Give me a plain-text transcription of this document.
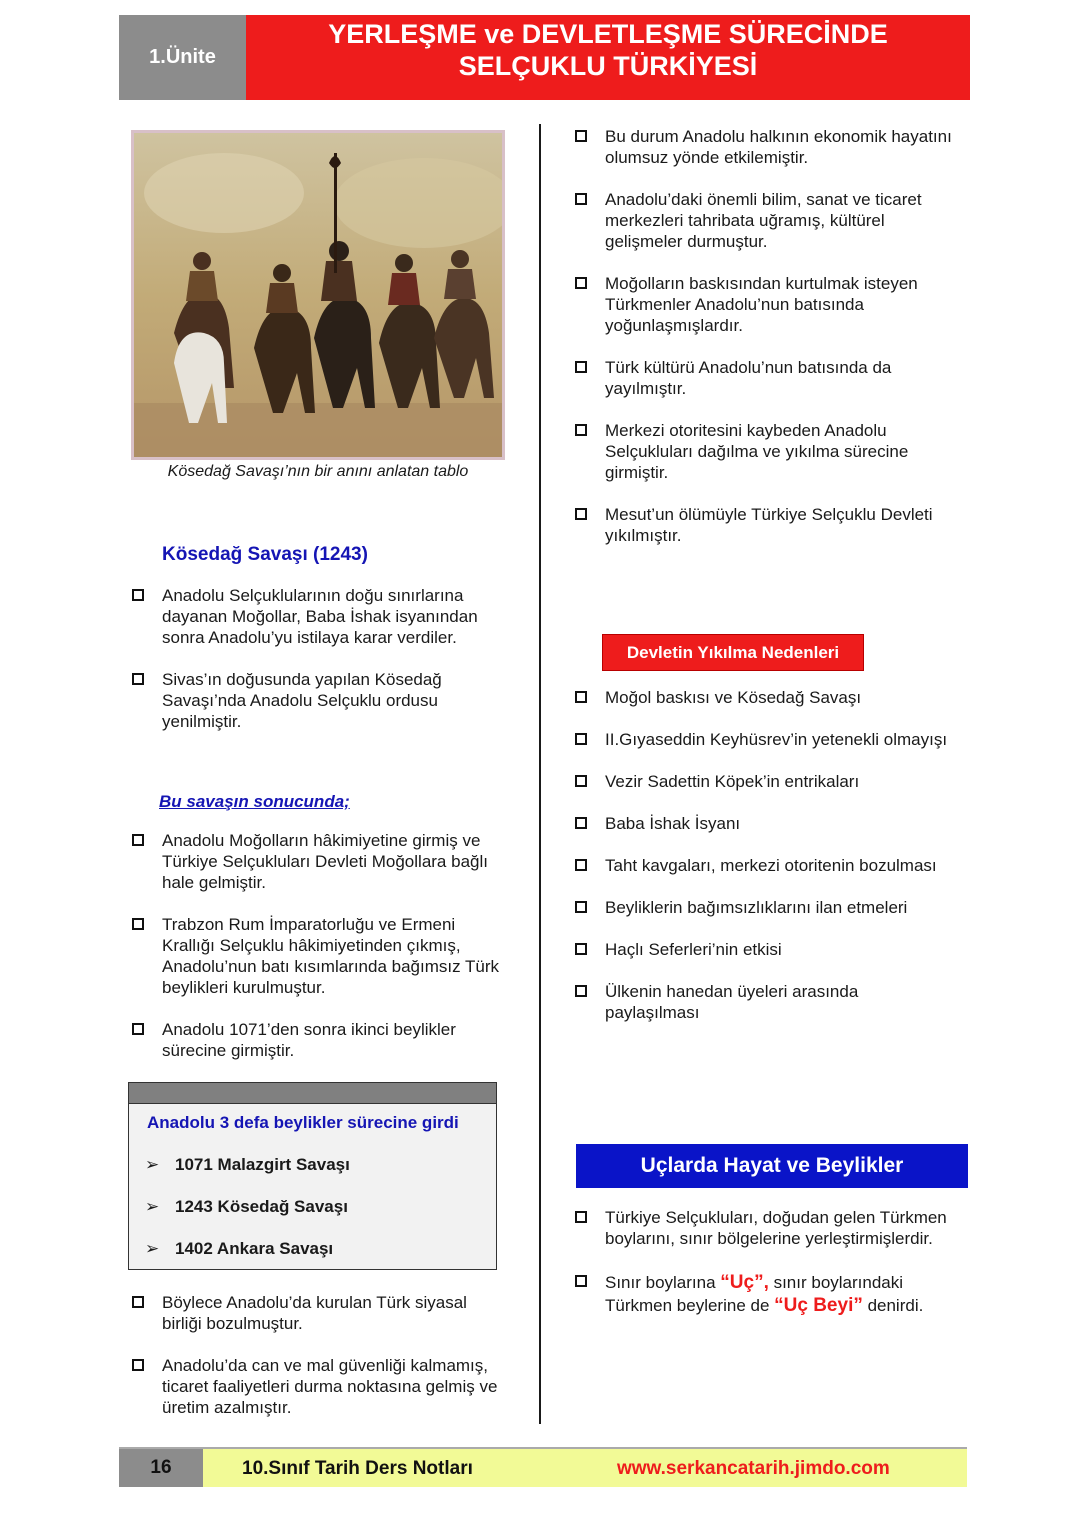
1.Ünite
YERLEŞME ve DEVLETLEŞME SÜRECİNDE
SELÇUKLU TÜRKİYESİ
Kösedağ Savaşı’nın bir anını anlatan tablo
Kösedağ Savaşı (1243)
Anadolu Selçuklularının doğu sınırlarına dayanan Moğollar, Baba İshak isyanından sonra Anadolu’yu istilaya karar verdiler.
Sivas’ın doğusunda yapılan Kösedağ Savaşı’nda Anadolu Selçuklu ordusu yenilmiştir.
Bu savaşın sonucunda;
Anadolu Moğolların hâkimiyetine girmiş ve Türkiye Selçukluları Devleti Moğollara bağlı hale gelmiştir.
Trabzon Rum İmparatorluğu ve Ermeni Krallığı Selçuklu hâkimiyetinden çıkmış, Anadolu’nun batı kısımlarında bağımsız Türk beylikleri kurulmuştur.
Anadolu 1071’den sonra ikinci beylikler sürecine girmiştir.
Anadolu 3 defa beylikler sürecine girdi
➢ 1071 Malazgirt Savaşı
➢ 1243 Kösedağ Savaşı
➢ 1402 Ankara Savaşı
Böylece Anadolu’da kurulan Türk siyasal birliği bozulmuştur.
Anadolu’da can ve mal güvenliği kalmamış, ticaret faaliyetleri durma noktasına gelmiş ve üretim azalmıştır.
Bu durum Anadolu halkının ekonomik hayatını olumsuz yönde etkilemiştir.
Anadolu’daki önemli bilim, sanat ve ticaret merkezleri tahribata uğramış, kültürel gelişmeler durmuştur.
Moğolların baskısından kurtulmak isteyen Türkmenler Anadolu’nun batısında yoğunlaşmışlardır.
Türk kültürü Anadolu’nun batısında da yayılmıştır.
Merkezi otoritesini kaybeden Anadolu Selçukluları dağılma ve yıkılma sürecine girmiştir.
Mesut’un ölümüyle Türkiye Selçuklu Devleti yıkılmıştır.
Devletin Yıkılma Nedenleri
Moğol baskısı ve Kösedağ Savaşı
II.Gıyaseddin Keyhüsrev’in yetenekli olmayışı
Vezir Sadettin Köpek’in entrikaları
Baba İshak İsyanı
Taht kavgaları, merkezi otoritenin bozulması
Beyliklerin bağımsızlıklarını ilan etmeleri
Haçlı Seferleri’nin etkisi
Ülkenin hanedan üyeleri arasında paylaşılması
Uçlarda Hayat ve Beylikler
Türkiye Selçukluları, doğudan gelen Türkmen boylarını, sınır bölgelerine yerleştirmişlerdir.
Sınır boylarına “Uç”, sınır boylarındaki Türkmen beylerine de “Uç Beyi” denirdi.
16	10.Sınıf Tarih Ders Notları	www.serkancatarih.jimdo.com
